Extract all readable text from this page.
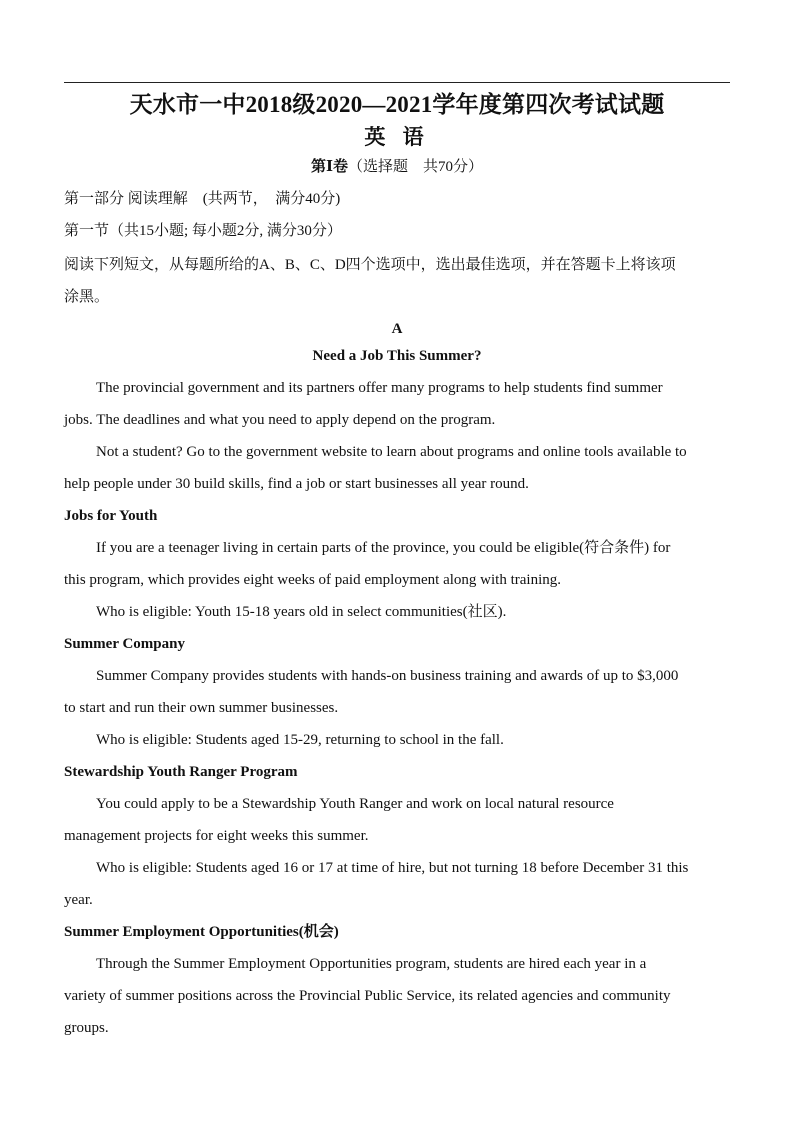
天水市一中2018级2020—2021学年度第四次考试试题
英 语
第Ⅰ卷（选择题　共70分）
第一部分 阅读理解　(共两节，　满分40分)
第一节（共15小题; 每小题2分, 满分30分）
阅读下列短文，从每题所给的A、B、C、D四个选项中，选出最佳选项，并在答题卡上将该项
涂黑。
A
Need a Job This Summer?
The provincial government and its partners offer many programs to help students find summer
jobs. The deadlines and what you need to apply depend on the program.
Not a student? Go to the government website to learn about programs and online tools available to
help people under 30 build skills, find a job or start businesses all year round.
Jobs for Youth
If you are a teenager living in certain parts of the province, you could be eligible(符合条件) for
this program, which provides eight weeks of paid employment along with training.
Who is eligible: Youth 15-18 years old in select communities(社区).
Summer Company
Summer Company provides students with hands-on business training and awards of up to $3,000
to start and run their own summer businesses.
Who is eligible: Students aged 15-29, returning to school in the fall.
Stewardship Youth Ranger Program
You could apply to be a Stewardship Youth Ranger and work on local natural resource
management projects for eight weeks this summer.
Who is eligible: Students aged 16 or 17 at time of hire, but not turning 18 before December 31 this
year.
Summer Employment Opportunities(机会)
Through the Summer Employment Opportunities program, students are hired each year in a
variety of summer positions across the Provincial Public Service, its related agencies and community
groups.
